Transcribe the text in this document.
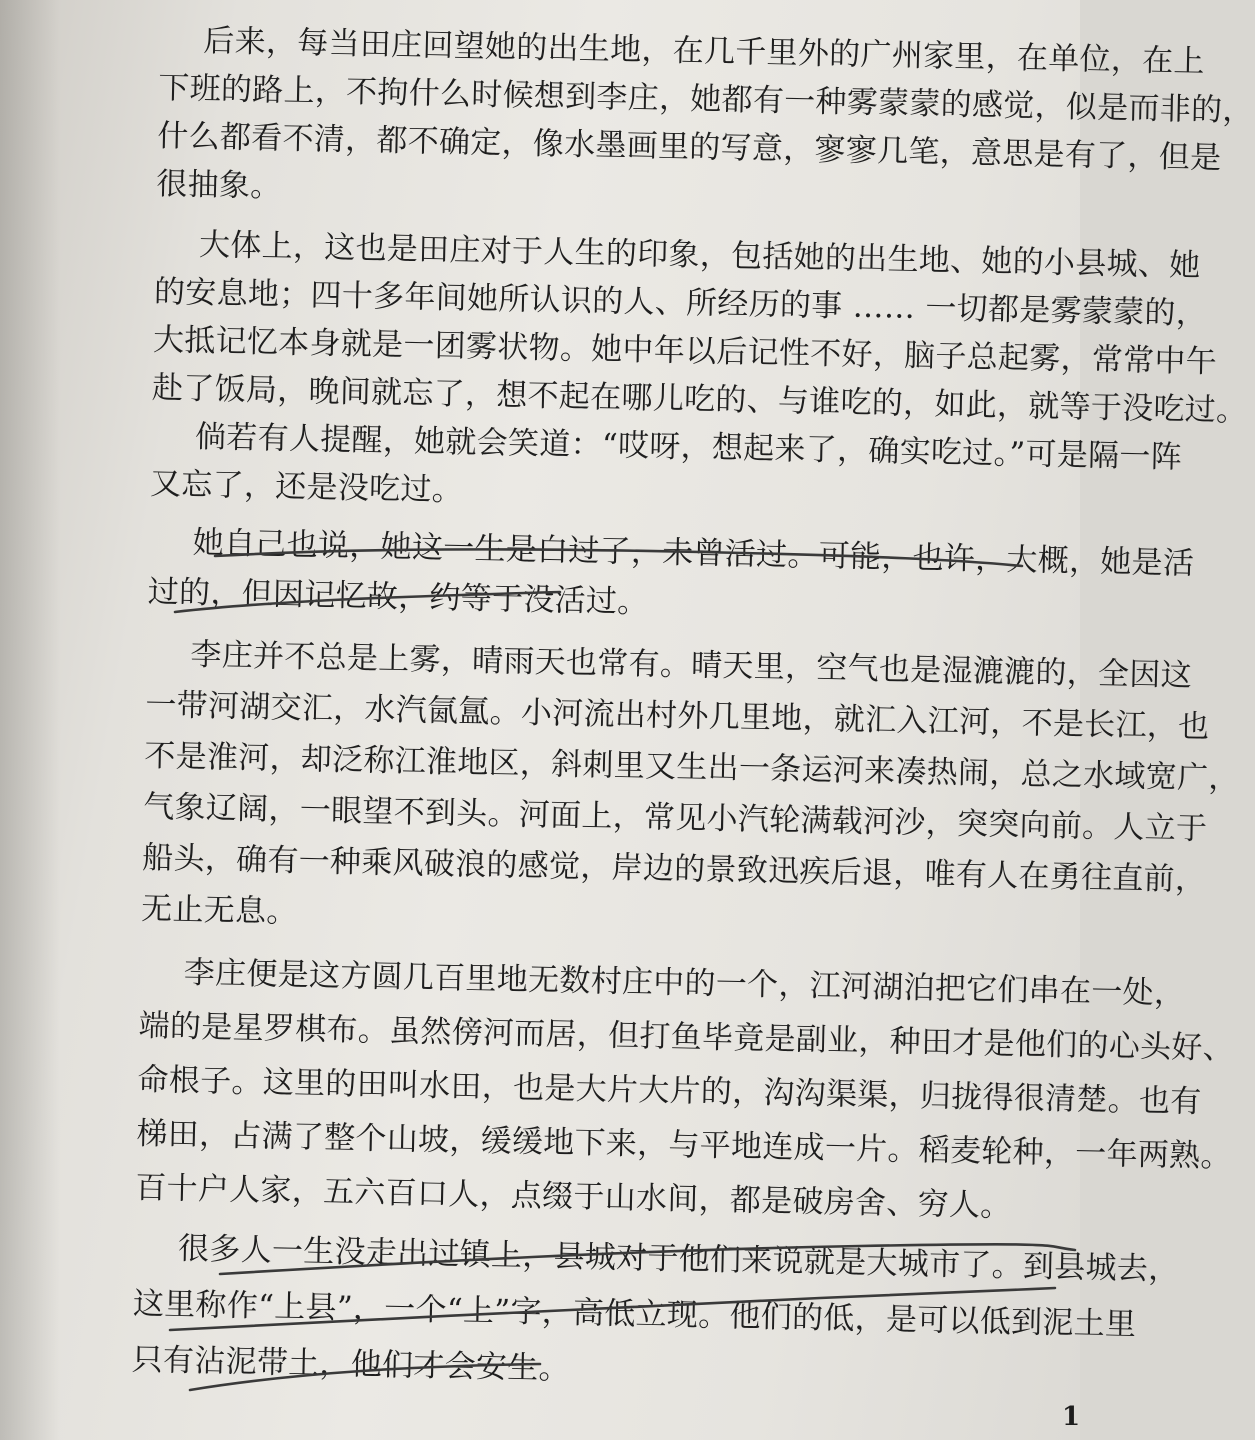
后来，每当田庄回望她的出生地，在几千里外的广州家里，在单位，在上
下班的路上，不拘什么时候想到李庄，她都有一种雾蒙蒙的感觉，似是而非的，
什么都看不清，都不确定，像水墨画里的写意，寥寥几笔，意思是有了，但是
很抽象。
大体上，这也是田庄对于人生的印象，包括她的出生地、她的小县城、她
的安息地；四十多年间她所认识的人、所经历的事 …… 一切都是雾蒙蒙的，
大抵记忆本身就是一团雾状物。她中年以后记性不好，脑子总起雾，常常中午
赴了饭局，晚间就忘了，想不起在哪儿吃的、与谁吃的，如此，就等于没吃过。
倘若有人提醒，她就会笑道：“哎呀，想起来了，确实吃过。”可是隔一阵
又忘了，还是没吃过。
她自己也说，她这一生是白过了，未曾活过。可能，也许，大概，她是活
过的，但因记忆故，约等于没活过。
李庄并不总是上雾，晴雨天也常有。晴天里，空气也是湿漉漉的，全因这
一带河湖交汇，水汽氤氲。小河流出村外几里地，就汇入江河，不是长江，也
不是淮河，却泛称江淮地区，斜刺里又生出一条运河来凑热闹，总之水域宽广，
气象辽阔，一眼望不到头。河面上，常见小汽轮满载河沙，突突向前。人立于
船头，确有一种乘风破浪的感觉，岸边的景致迅疾后退，唯有人在勇往直前，
无止无息。
李庄便是这方圆几百里地无数村庄中的一个，江河湖泊把它们串在一处，
端的是星罗棋布。虽然傍河而居，但打鱼毕竟是副业，种田才是他们的心头好、
命根子。这里的田叫水田，也是大片大片的，沟沟渠渠，归拢得很清楚。也有
梯田，占满了整个山坡，缓缓地下来，与平地连成一片。稻麦轮种，一年两熟。
百十户人家，五六百口人，点缀于山水间，都是破房舍、穷人。
很多人一生没走出过镇上，县城对于他们来说就是大城市了。到县城去，
这里称作“上县”，一个“上”字，高低立现。他们的低，是可以低到泥土里
只有沾泥带土，他们才会安生。
1
